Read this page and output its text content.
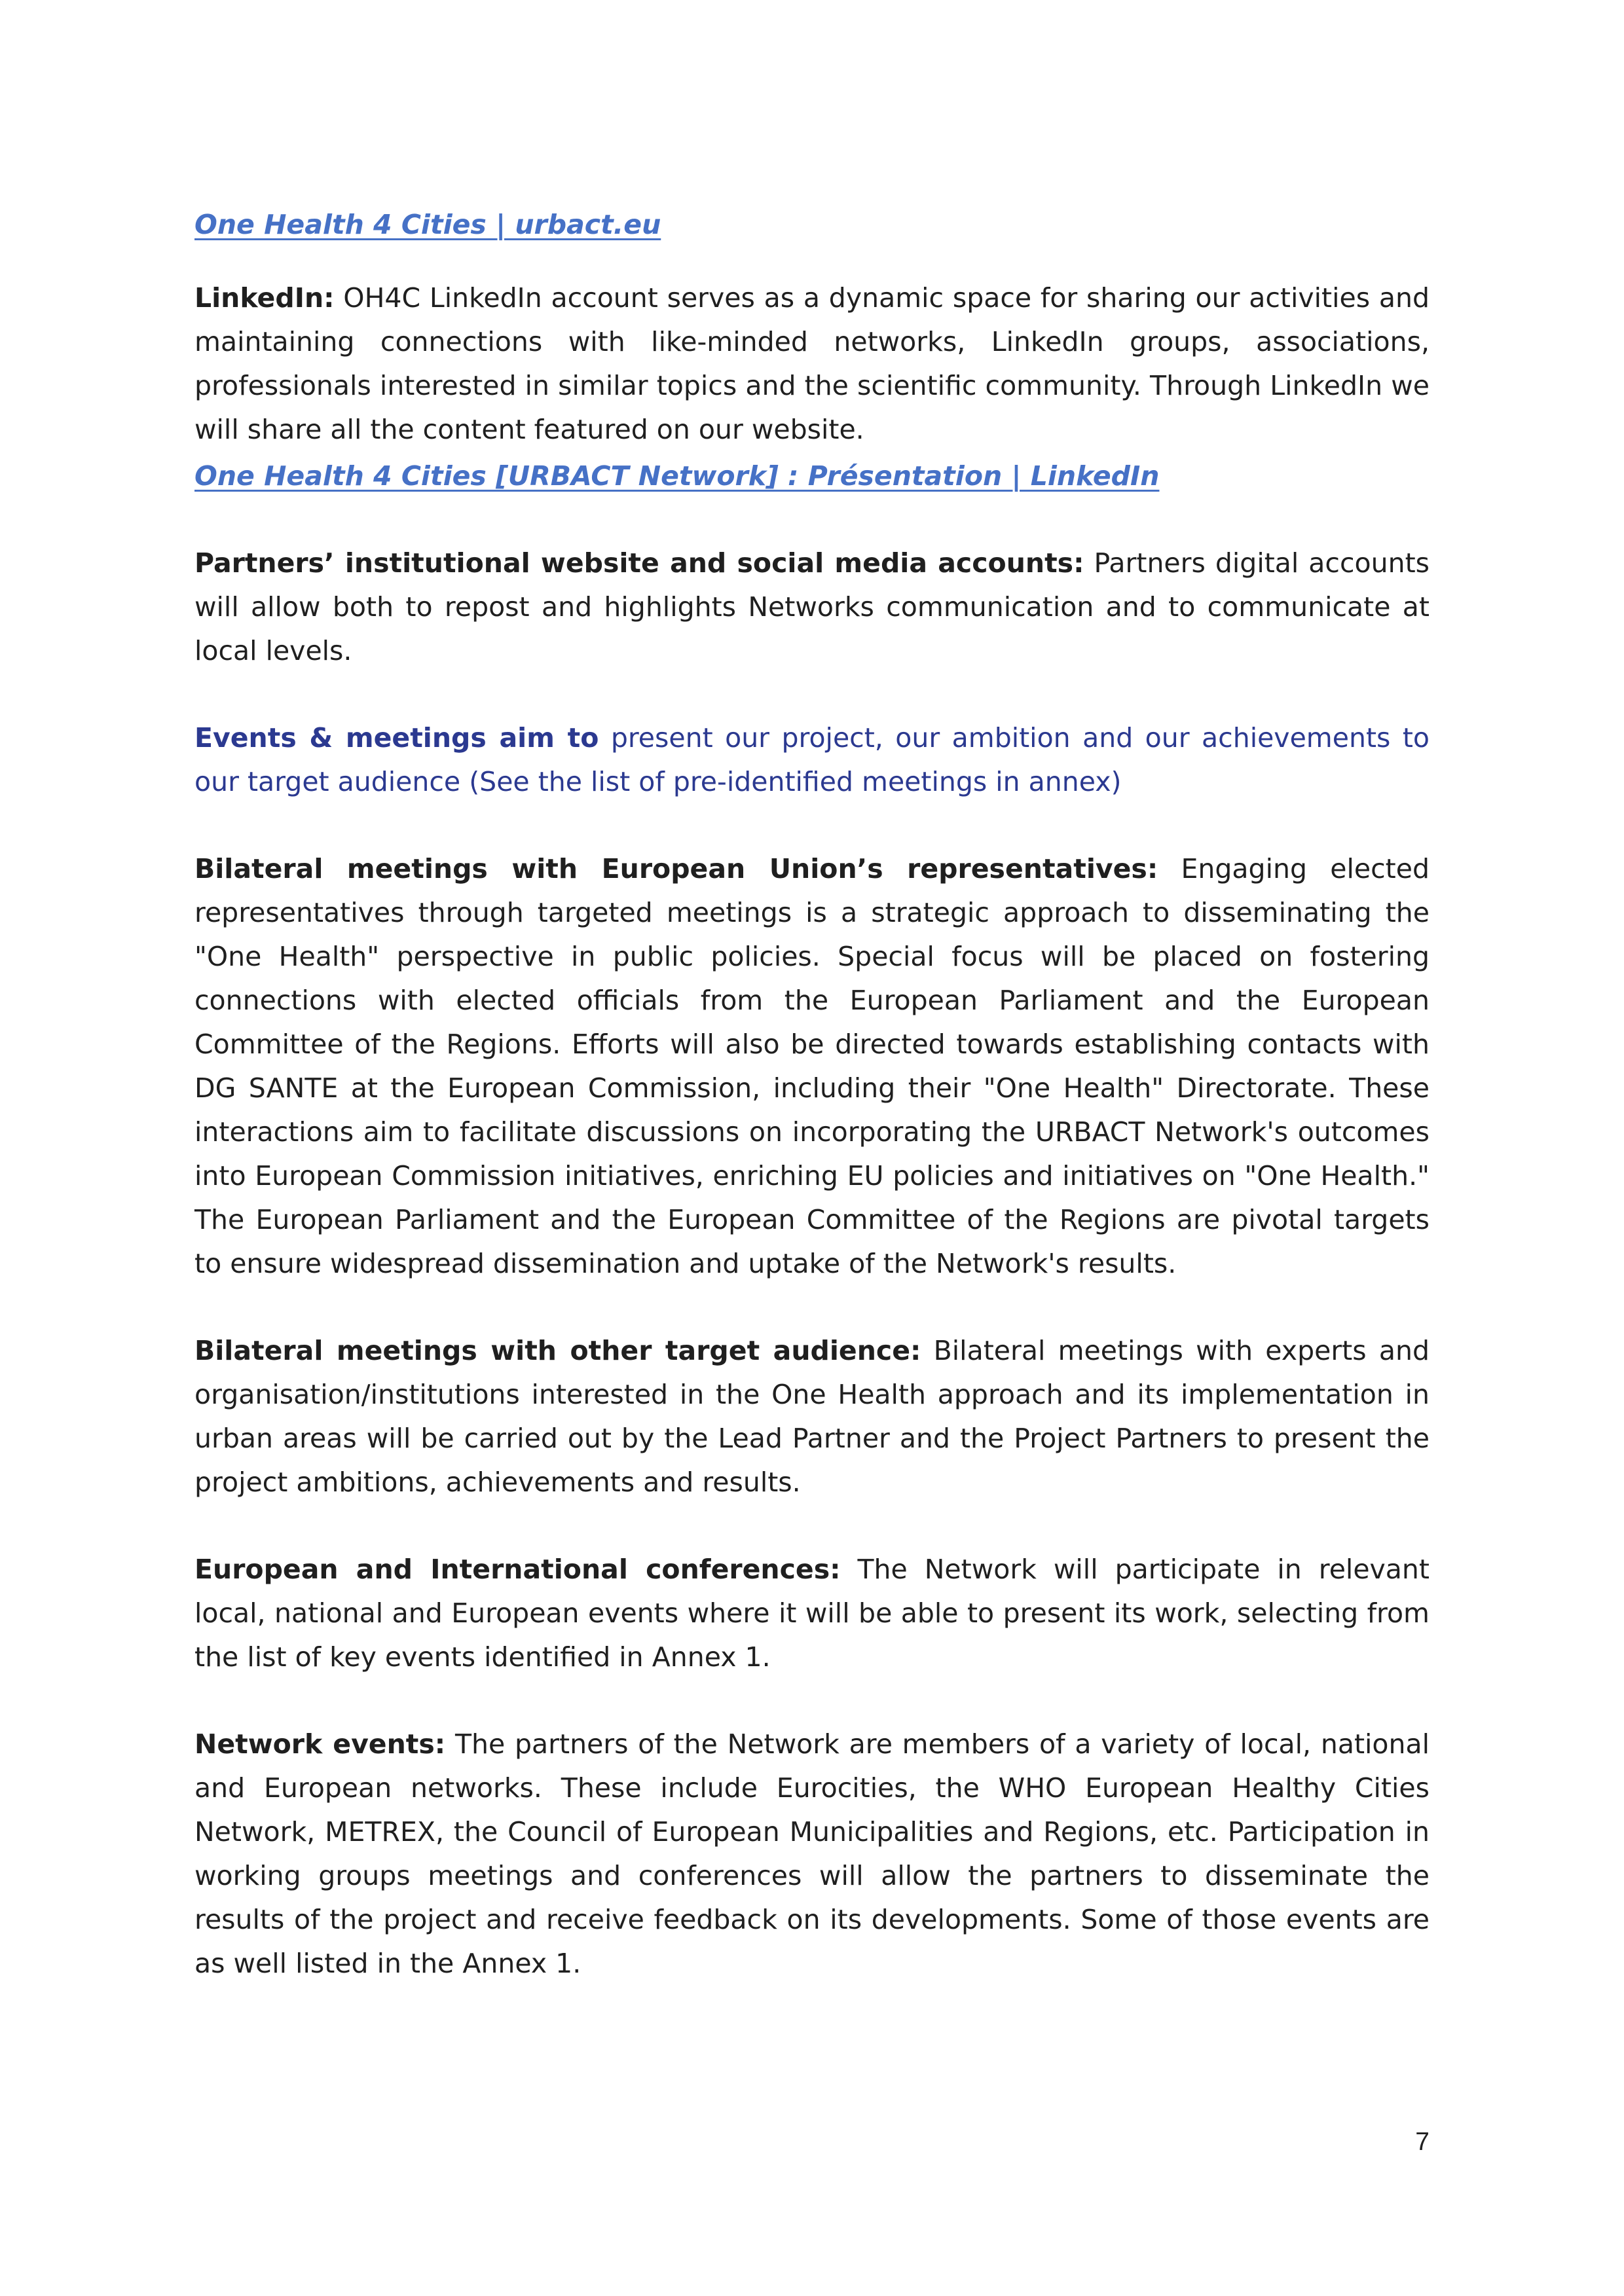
One Health 4 Cities | urbact.eu

LinkedIn: OH4C LinkedIn account serves as a dynamic space for sharing our activities and maintaining connections with like-minded networks, LinkedIn groups, associations, professionals interested in similar topics and the scientific community. Through LinkedIn we will share all the content featured on our website.

One Health 4 Cities [URBACT Network] : Présentation | LinkedIn

Partners’ institutional website and social media accounts: Partners digital accounts will allow both to repost and highlights Networks communication and to communicate at local levels.

Events & meetings aim to present our project, our ambition and our achievements to our target audience (See the list of pre-identified meetings in annex)

Bilateral meetings with European Union’s representatives: Engaging elected representatives through targeted meetings is a strategic approach to disseminating the "One Health" perspective in public policies. Special focus will be placed on fostering connections with elected officials from the European Parliament and the European Committee of the Regions. Efforts will also be directed towards establishing contacts with DG SANTE at the European Commission, including their "One Health" Directorate. These interactions aim to facilitate discussions on incorporating the URBACT Network's outcomes into European Commission initiatives, enriching EU policies and initiatives on "One Health." The European Parliament and the European Committee of the Regions are pivotal targets to ensure widespread dissemination and uptake of the Network's results.

Bilateral meetings with other target audience: Bilateral meetings with experts and organisation/institutions interested in the One Health approach and its implementation in urban areas will be carried out by the Lead Partner and the Project Partners to present the project ambitions, achievements and results.

European and International conferences: The Network will participate in relevant local, national and European events where it will be able to present its work, selecting from the list of key events identified in Annex 1.

Network events: The partners of the Network are members of a variety of local, national and European networks. These include Eurocities, the WHO European Healthy Cities Network, METREX, the Council of European Municipalities and Regions, etc. Participation in working groups meetings and conferences will allow the partners to disseminate the results of the project and receive feedback on its developments. Some of those events are as well listed in the Annex 1.

7
